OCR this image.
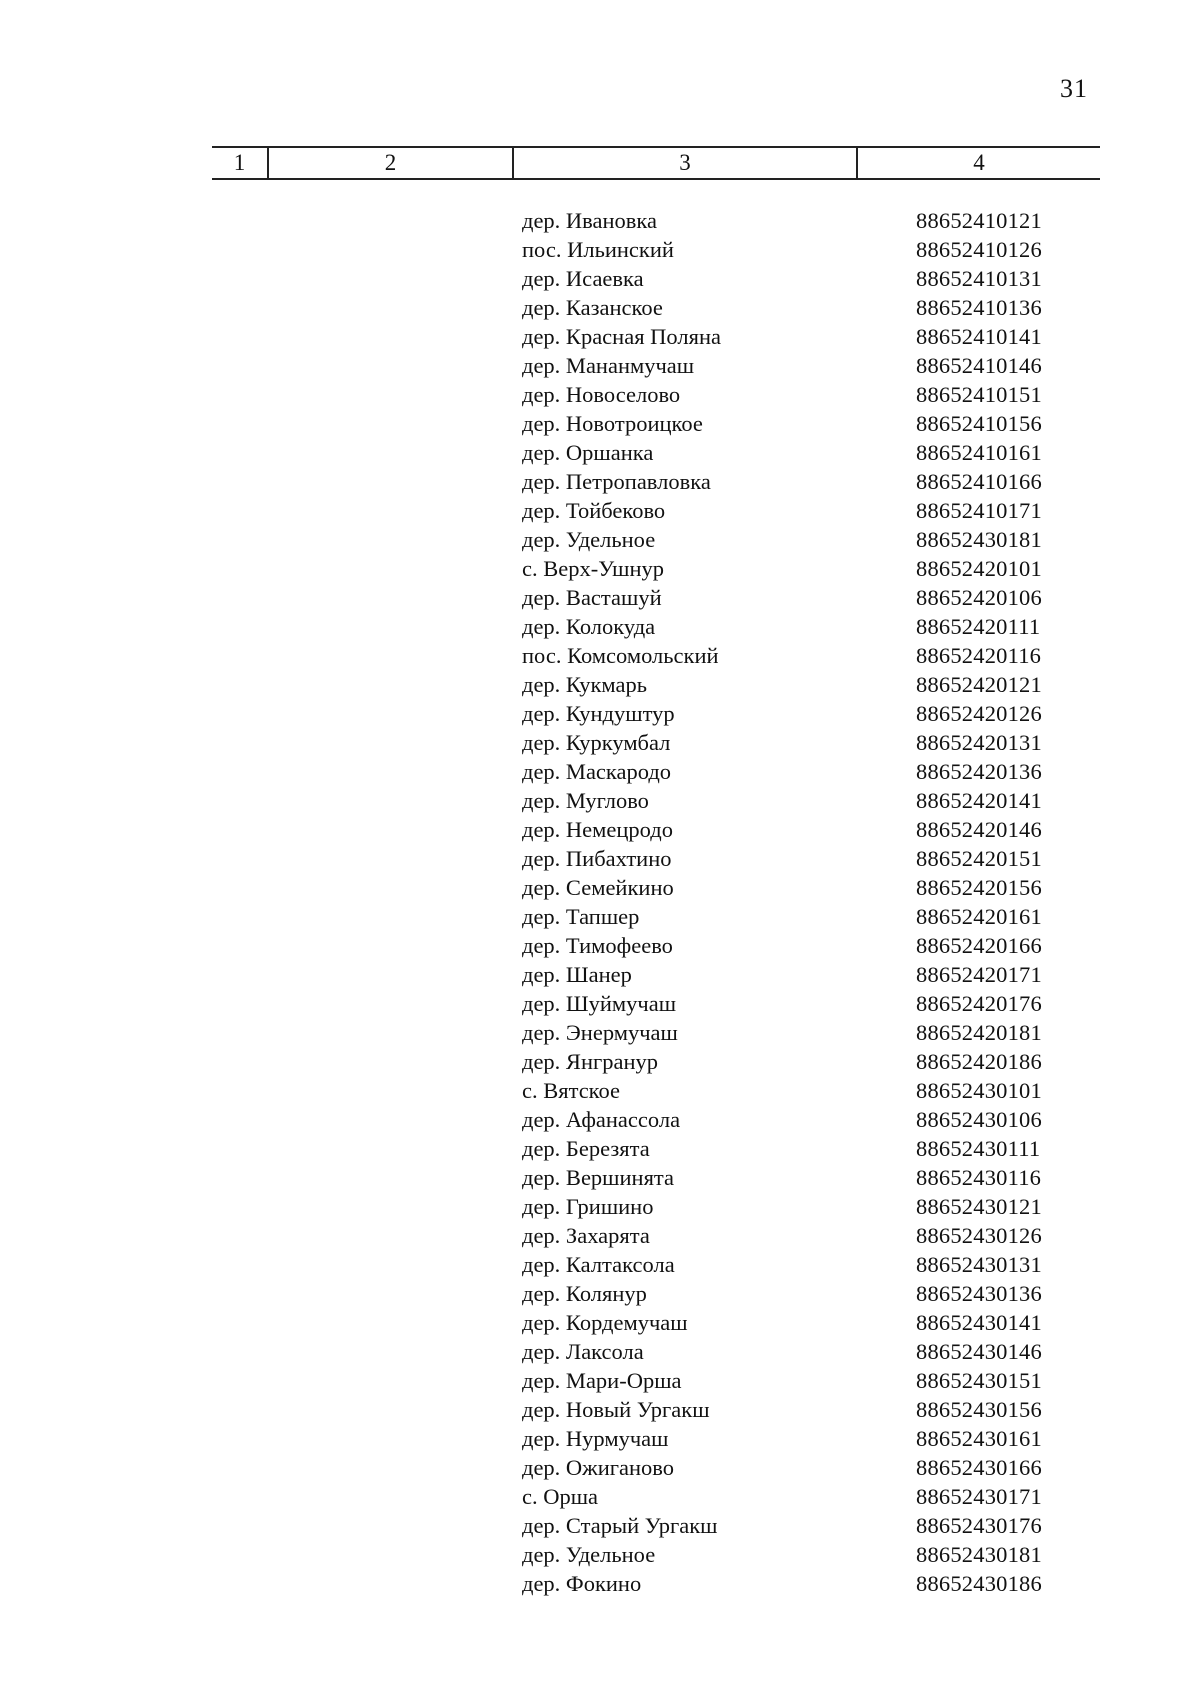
31
1	2	3	4
дер. Ивановка	88652410121
пос. Ильинский	88652410126
дер. Исаевка	88652410131
дер. Казанское	88652410136
дер. Красная Поляна	88652410141
дер. Мананмучаш	88652410146
дер. Новоселово	88652410151
дер. Новотроицкое	88652410156
дер. Оршанка	88652410161
дер. Петропавловка	88652410166
дер. Тойбеково	88652410171
дер. Удельное	88652430181
с. Верх-Ушнур	88652420101
дер. Васташуй	88652420106
дер. Колокуда	88652420111
пос. Комсомольский	88652420116
дер. Кукмарь	88652420121
дер. Кундуштур	88652420126
дер. Куркумбал	88652420131
дер. Маскародо	88652420136
дер. Муглово	88652420141
дер. Немецродо	88652420146
дер. Пибахтино	88652420151
дер. Семейкино	88652420156
дер. Тапшер	88652420161
дер. Тимофеево	88652420166
дер. Шанер	88652420171
дер. Шуймучаш	88652420176
дер. Энермучаш	88652420181
дер. Янгранур	88652420186
с. Вятское	88652430101
дер. Афанассола	88652430106
дер. Березята	88652430111
дер. Вершинята	88652430116
дер. Гришино	88652430121
дер. Захарята	88652430126
дер. Калтаксола	88652430131
дер. Колянур	88652430136
дер. Кордемучаш	88652430141
дер. Лаксола	88652430146
дер. Мари-Орша	88652430151
дер. Новый Ургакш	88652430156
дер. Нурмучаш	88652430161
дер. Ожиганово	88652430166
с. Орша	88652430171
дер. Старый Ургакш	88652430176
дер. Удельное	88652430181
дер. Фокино	88652430186
